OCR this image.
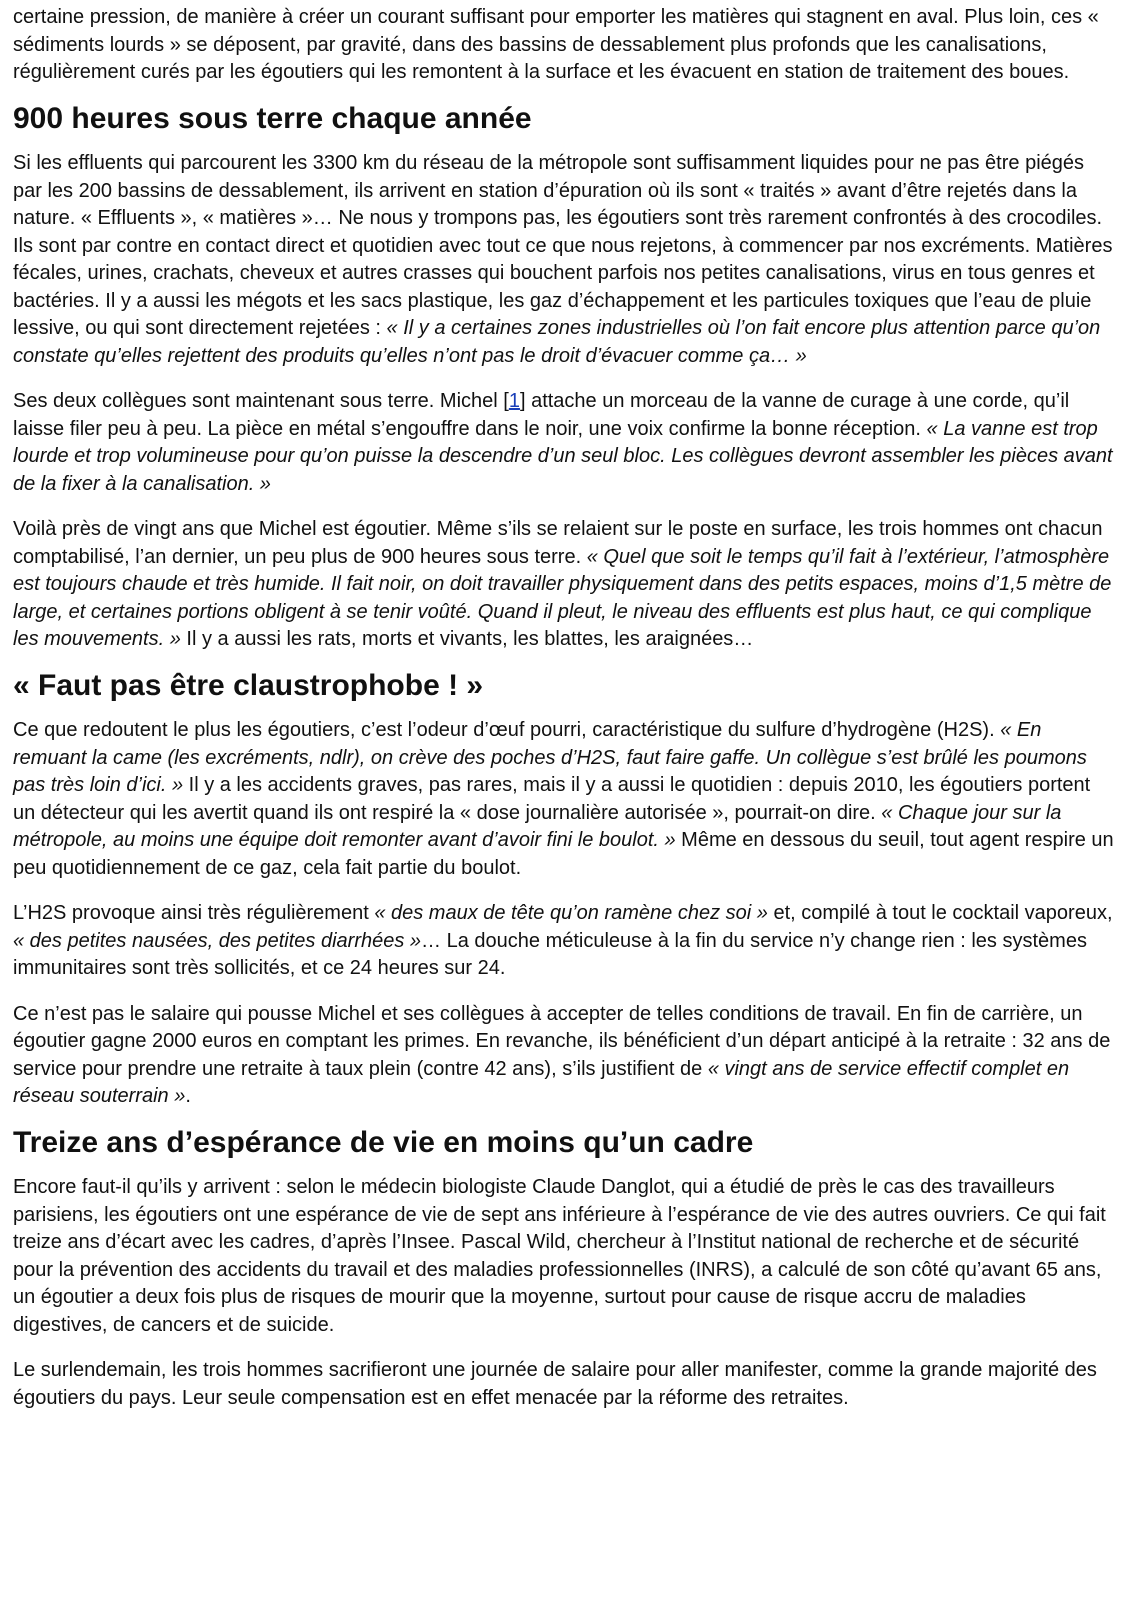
certaine pression, de manière à créer un courant suffisant pour emporter les matières qui stagnent en aval. Plus loin, ces « sédiments lourds » se déposent, par gravité, dans des bassins de dessablement plus profonds que les canalisations, régulièrement curés par les égoutiers qui les remontent à la surface et les évacuent en station de traitement des boues.

900 heures sous terre chaque année

Si les effluents qui parcourent les 3300 km du réseau de la métropole sont suffisamment liquides pour ne pas être piégés par les 200 bassins de dessablement, ils arrivent en station d’épuration où ils sont « traités » avant d’être rejetés dans la nature. « Effluents », « matières »… Ne nous y trompons pas, les égoutiers sont très rarement confrontés à des crocodiles. Ils sont par contre en contact direct et quotidien avec tout ce que nous rejetons, à commencer par nos excréments. Matières fécales, urines, crachats, cheveux et autres crasses qui bouchent parfois nos petites canalisations, virus en tous genres et bactéries. Il y a aussi les mégots et les sacs plastique, les gaz d’échappement et les particules toxiques que l’eau de pluie lessive, ou qui sont directement rejetées : « Il y a certaines zones industrielles où l’on fait encore plus attention parce qu’on constate qu’elles rejettent des produits qu’elles n’ont pas le droit d’évacuer comme ça… »

Ses deux collègues sont maintenant sous terre. Michel [1] attache un morceau de la vanne de curage à une corde, qu’il laisse filer peu à peu. La pièce en métal s’engouffre dans le noir, une voix confirme la bonne réception. « La vanne est trop lourde et trop volumineuse pour qu’on puisse la descendre d’un seul bloc. Les collègues devront assembler les pièces avant de la fixer à la canalisation. »

Voilà près de vingt ans que Michel est égoutier. Même s’ils se relaient sur le poste en surface, les trois hommes ont chacun comptabilisé, l’an dernier, un peu plus de 900 heures sous terre. « Quel que soit le temps qu’il fait à l’extérieur, l’atmosphère est toujours chaude et très humide. Il fait noir, on doit travailler physiquement dans des petits espaces, moins d’1,5 mètre de large, et certaines portions obligent à se tenir voûté. Quand il pleut, le niveau des effluents est plus haut, ce qui complique les mouvements. » Il y a aussi les rats, morts et vivants, les blattes, les araignées…

« Faut pas être claustrophobe ! »

Ce que redoutent le plus les égoutiers, c’est l’odeur d’œuf pourri, caractéristique du sulfure d’hydrogène (H2S). « En remuant la came (les excréments, ndlr), on crève des poches d’H2S, faut faire gaffe. Un collègue s’est brûlé les poumons pas très loin d’ici. » Il y a les accidents graves, pas rares, mais il y a aussi le quotidien : depuis 2010, les égoutiers portent un détecteur qui les avertit quand ils ont respiré la « dose journalière autorisée », pourrait-on dire. « Chaque jour sur la métropole, au moins une équipe doit remonter avant d’avoir fini le boulot. » Même en dessous du seuil, tout agent respire un peu quotidiennement de ce gaz, cela fait partie du boulot.

L’H2S provoque ainsi très régulièrement « des maux de tête qu’on ramène chez soi » et, compilé à tout le cocktail vaporeux, « des petites nausées, des petites diarrhées »… La douche méticuleuse à la fin du service n’y change rien : les systèmes immunitaires sont très sollicités, et ce 24 heures sur 24.

Ce n’est pas le salaire qui pousse Michel et ses collègues à accepter de telles conditions de travail. En fin de carrière, un égoutier gagne 2000 euros en comptant les primes. En revanche, ils bénéficient d’un départ anticipé à la retraite : 32 ans de service pour prendre une retraite à taux plein (contre 42 ans), s’ils justifient de « vingt ans de service effectif complet en réseau souterrain ».

Treize ans d’espérance de vie en moins qu’un cadre

Encore faut-il qu’ils y arrivent : selon le médecin biologiste Claude Danglot, qui a étudié de près le cas des travailleurs parisiens, les égoutiers ont une espérance de vie de sept ans inférieure à l’espérance de vie des autres ouvriers. Ce qui fait treize ans d’écart avec les cadres, d’après l’Insee. Pascal Wild, chercheur à l’Institut national de recherche et de sécurité pour la prévention des accidents du travail et des maladies professionnelles (INRS), a calculé de son côté qu’avant 65 ans, un égoutier a deux fois plus de risques de mourir que la moyenne, surtout pour cause de risque accru de maladies digestives, de cancers et de suicide.

Le surlendemain, les trois hommes sacrifieront une journée de salaire pour aller manifester, comme la grande majorité des égoutiers du pays. Leur seule compensation est en effet menacée par la réforme des retraites.
